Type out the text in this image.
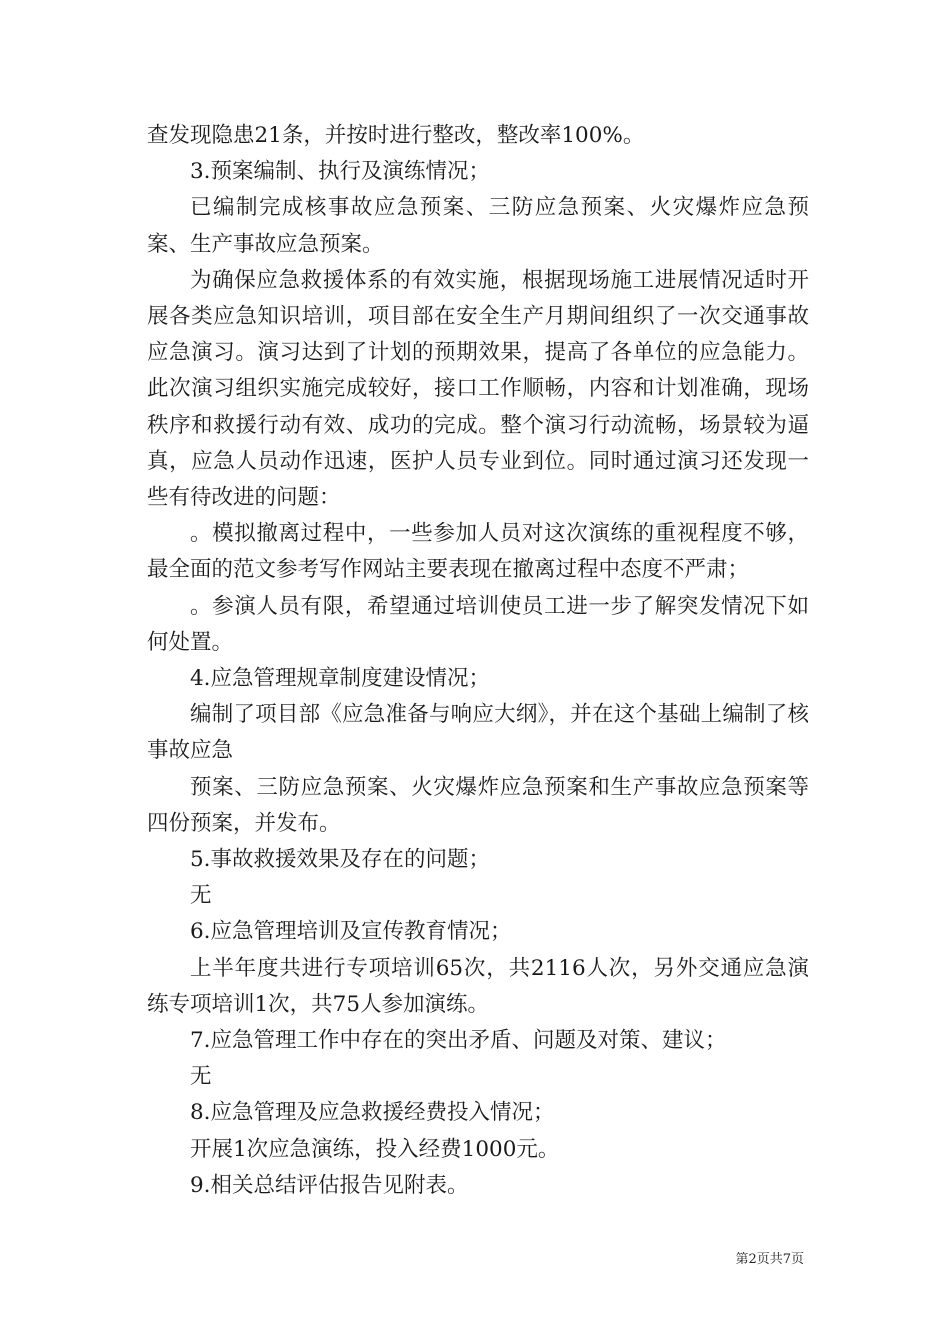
查发现隐患21条，并按时进行整改，整改率100%。

3.预案编制、执行及演练情况；

已编制完成核事故应急预案、三防应急预案、火灾爆炸应急预案、生产事故应急预案。

为确保应急救援体系的有效实施，根据现场施工进展情况适时开展各类应急知识培训，项目部在安全生产月期间组织了一次交通事故应急演习。演习达到了计划的预期效果，提高了各单位的应急能力。此次演习组织实施完成较好，接口工作顺畅，内容和计划准确，现场秩序和救援行动有效、成功的完成。整个演习行动流畅，场景较为逼真，应急人员动作迅速，医护人员专业到位。同时通过演习还发现一些有待改进的问题：

。模拟撤离过程中，一些参加人员对这次演练的重视程度不够，最全面的范文参考写作网站主要表现在撤离过程中态度不严肃；

。参演人员有限，希望通过培训使员工进一步了解突发情况下如何处置。

4.应急管理规章制度建设情况；

编制了项目部《应急准备与响应大纲》，并在这个基础上编制了核事故应急

预案、三防应急预案、火灾爆炸应急预案和生产事故应急预案等四份预案，并发布。

5.事故救援效果及存在的问题；

无

6.应急管理培训及宣传教育情况；

上半年度共进行专项培训65次，共2116人次，另外交通应急演练专项培训1次，共75人参加演练。

7.应急管理工作中存在的突出矛盾、问题及对策、建议；

无

8.应急管理及应急救援经费投入情况；

开展1次应急演练，投入经费1000元。

9.相关总结评估报告见附表。

第2页共7页
